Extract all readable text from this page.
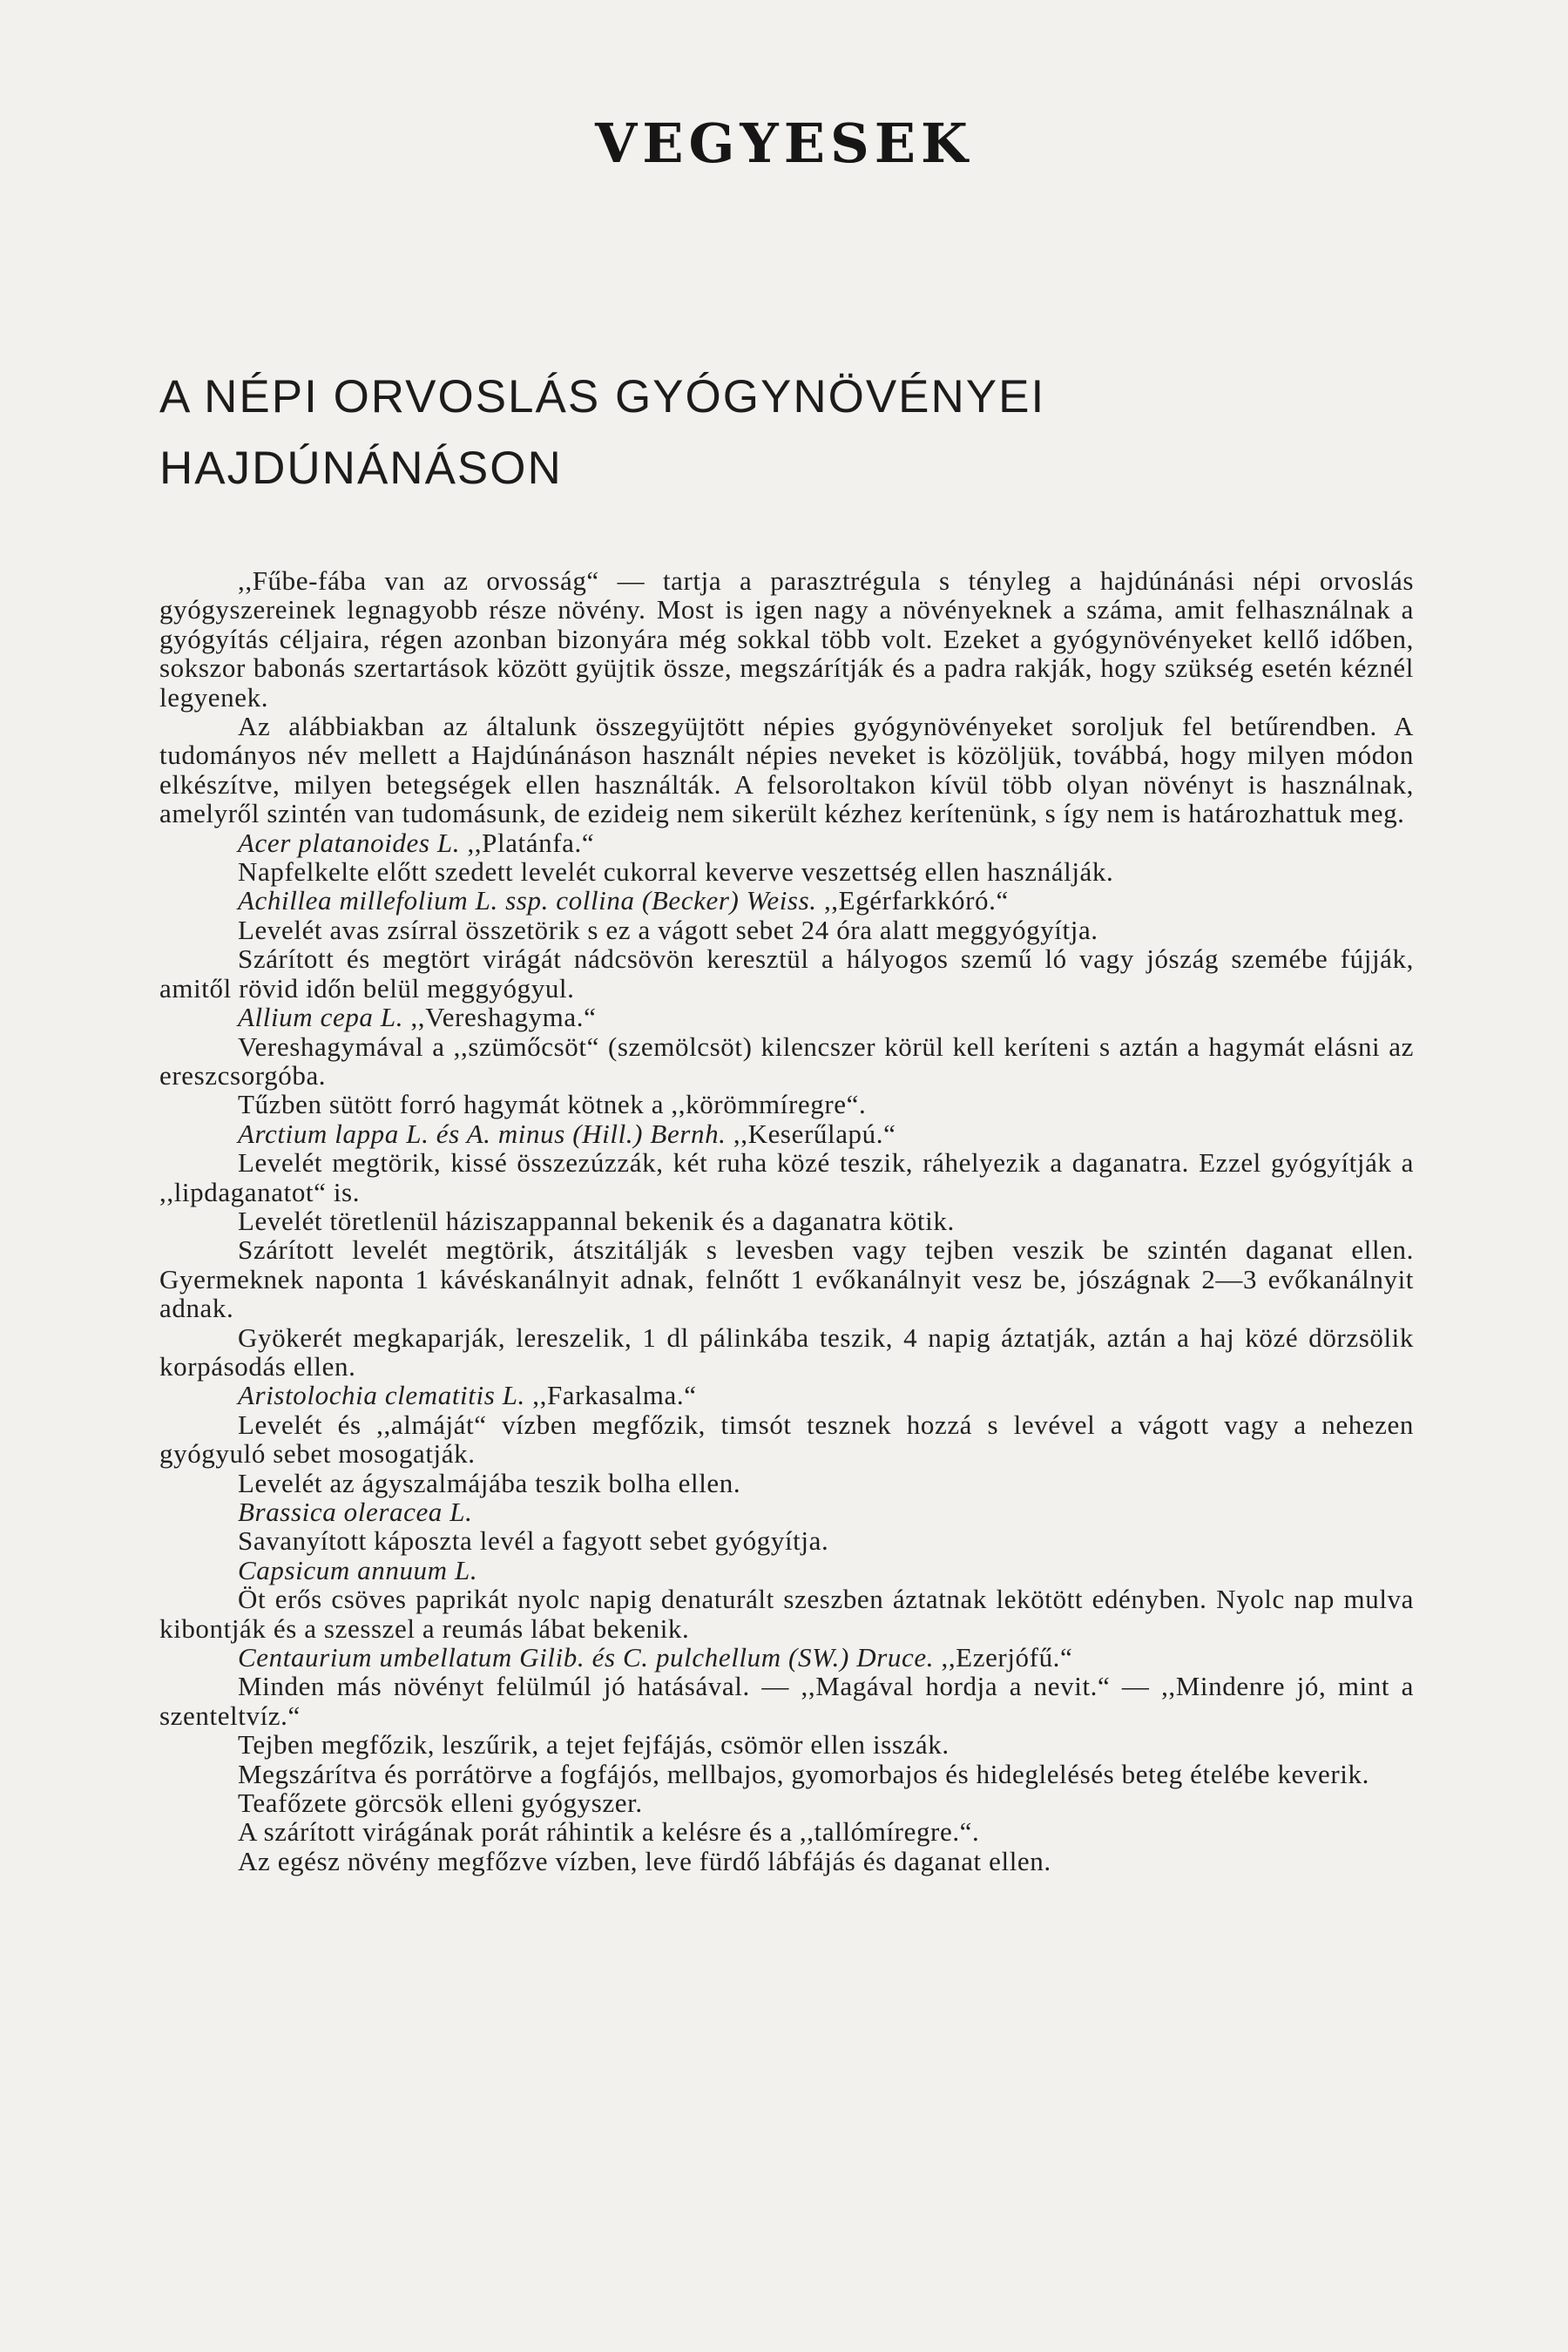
VEGYESEK
A NÉPI ORVOSLÁS GYÓGYNÖVÉNYEI
HAJDÚNÁNÁSON

,,Fűbe-fába van az orvosság“ — tartja a parasztrégula s tényleg a hajdúnánási népi orvoslás gyógyszereinek legnagyobb része növény. Most is igen nagy a növényeknek a száma, amit felhasználnak a gyógyítás céljaira, régen azonban bizonyára még sokkal több volt. Ezeket a gyógynövényeket kellő időben, sokszor babonás szertartások között gyüjtik össze, megszárítják és a padra rakják, hogy szükség esetén kéznél legyenek.

Az alábbiakban az általunk összegyüjtött népies gyógynövényeket soroljuk fel betűrendben. A tudományos név mellett a Hajdúnánáson használt népies neveket is közöljük, továbbá, hogy milyen módon elkészítve, milyen betegségek ellen használták. A felsoroltakon kívül több olyan növényt is használnak, amelyről szintén van tudomásunk, de ezideig nem sikerült kézhez kerítenünk, s így nem is határozhattuk meg.

Acer platanoides L. ,,Platánfa.“

Napfelkelte előtt szedett levelét cukorral keverve veszettség ellen használják.

Achillea millefolium L. ssp. collina (Becker) Weiss. ,,Egérfarkkóró.“

Levelét avas zsírral összetörik s ez a vágott sebet 24 óra alatt meggyógyítja.

Szárított és megtört virágát nádcsövön keresztül a hályogos szemű ló vagy jószág szemébe fújják, amitől rövid időn belül meggyógyul.

Allium cepa L. ,,Vereshagyma.“

Vereshagymával a ,,szümőcsöt“ (szemölcsöt) kilencszer körül kell keríteni s aztán a hagymát elásni az ereszcsorgóba.

Tűzben sütött forró hagymát kötnek a ,,körömmíregre“.

Arctium lappa L. és A. minus (Hill.) Bernh. ,,Keserűlapú.“

Levelét megtörik, kissé összezúzzák, két ruha közé teszik, ráhelyezik a daganatra. Ezzel gyógyítják a ,,lipdaganatot“ is.

Levelét töretlenül háziszappannal bekenik és a daganatra kötik.

Szárított levelét megtörik, átszitálják s levesben vagy tejben veszik be szintén daganat ellen. Gyermeknek naponta 1 kávéskanálnyit adnak, felnőtt 1 evőkanálnyit vesz be, jószágnak 2—3 evőkanálnyit adnak.

Gyökerét megkaparják, lereszelik, 1 dl pálinkába teszik, 4 napig áztatják, aztán a haj közé dörzsölik korpásodás ellen.

Aristolochia clematitis L. ,,Farkasalma.“

Levelét és ,,almáját“ vízben megfőzik, timsót tesznek hozzá s levével a vágott vagy a nehezen gyógyuló sebet mosogatják.

Levelét az ágyszalmájába teszik bolha ellen.

Brassica oleracea L.

Savanyított káposzta levél a fagyott sebet gyógyítja.

Capsicum annuum L.

Öt erős csöves paprikát nyolc napig denaturált szeszben áztatnak lekötött edényben. Nyolc nap mulva kibontják és a szesszel a reumás lábat bekenik.

Centaurium umbellatum Gilib. és C. pulchellum (SW.) Druce. ,,Ezerjófű.“

Minden más növényt felülmúl jó hatásával. — ,,Magával hordja a nevit.“ — ,,Mindenre jó, mint a szenteltvíz.“

Tejben megfőzik, leszűrik, a tejet fejfájás, csömör ellen isszák.

Megszárítva és porrátörve a fogfájós, mellbajos, gyomorbajos és hideglelésés beteg ételébe keverik.

Teafőzete görcsök elleni gyógyszer.

A szárított virágának porát ráhintik a kelésre és a ,,tallómíregre.“.

Az egész növény megfőzve vízben, leve fürdő lábfájás és daganat ellen.
